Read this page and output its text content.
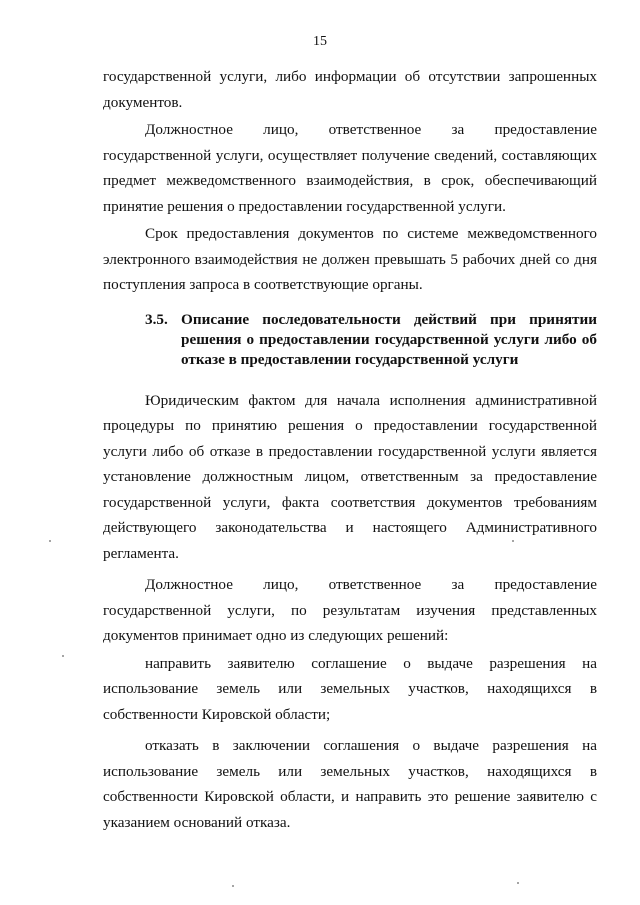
15

государственной услуги, либо информации об отсутствии запрошенных документов.

Должностное лицо, ответственное за предоставление государственной услуги, осуществляет получение сведений, составляющих предмет межведомственного взаимодействия, в срок, обеспечивающий принятие решения о предоставлении государственной услуги.

Срок предоставления документов по системе межведомственного электронного взаимодействия не должен превышать 5 рабочих дней со дня поступления запроса в соответствующие органы.

3.5. Описание последовательности действий при принятии решения о предоставлении государственной услуги либо об отказе в предоставлении государственной услуги

Юридическим фактом для начала исполнения административной процедуры по принятию решения о предоставлении государственной услуги либо об отказе в предоставлении государственной услуги является установление должностным лицом, ответственным за предоставление государственной услуги, факта соответствия документов требованиям действующего законодательства и настоящего Административного регламента.

Должностное лицо, ответственное за предоставление государственной услуги, по результатам изучения представленных документов принимает одно из следующих решений:

направить заявителю соглашение о выдаче разрешения на использование земель или земельных участков, находящихся в собственности Кировской области;

отказать в заключении соглашения о выдаче разрешения на использование земель или земельных участков, находящихся в собственности Кировской области, и направить это решение заявителю с указанием оснований отказа.
